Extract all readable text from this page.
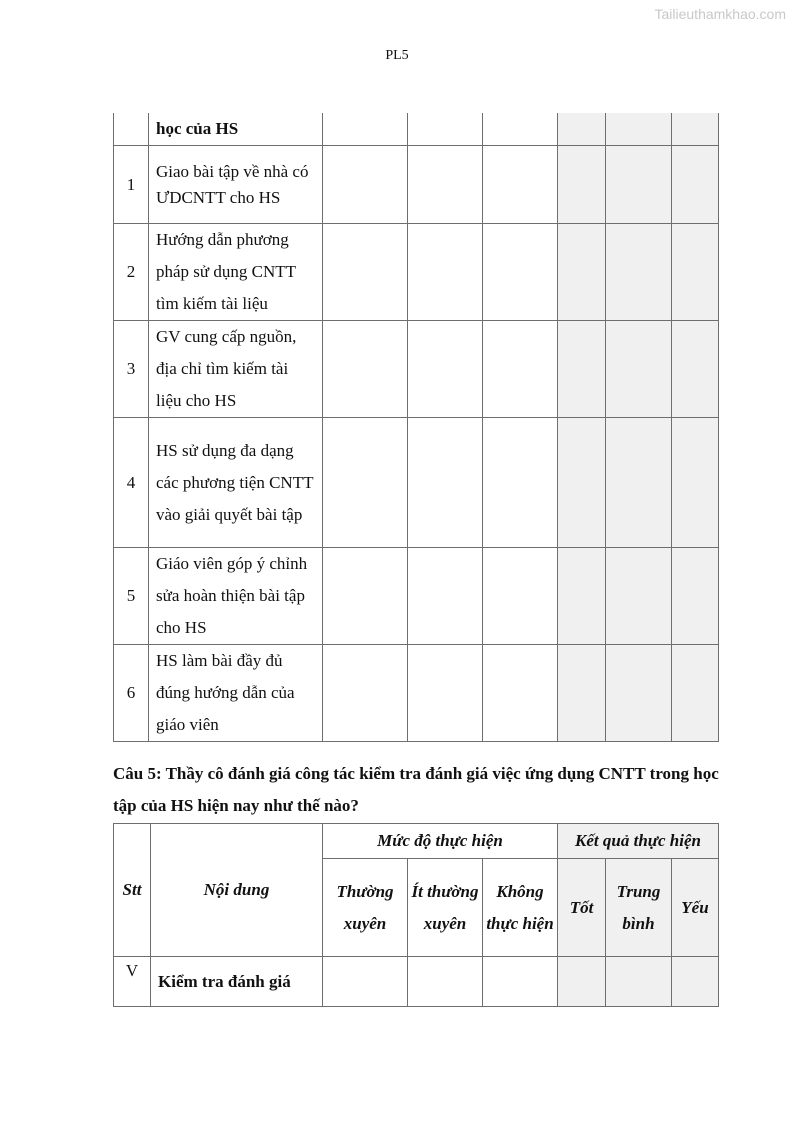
Tailieuthamkhao.com
PL5
	học của HS						
1	Giao bài tập về nhà có ƯDCNTT cho HS						
2	Hướng dẫn phương pháp sử dụng CNTT tìm kiếm tài liệu						
3	GV cung cấp nguồn, địa chỉ tìm kiếm tài liệu cho HS						
4	HS sử dụng đa dạng các phương tiện CNTT vào giải quyết bài tập						
5	Giáo viên góp ý chỉnh sửa hoàn thiện bài tập cho HS						
6	HS làm bài đầy đủ đúng hướng dẫn của giáo viên						
Câu 5: Thầy cô đánh giá công tác kiểm tra đánh giá việc ứng dụng CNTT trong học tập của HS hiện nay như thế nào?
Stt	Nội dung	Mức độ thực hiện			Kết quả thực hiện		
		Thường xuyên	Ít thường xuyên	Không thực hiện	Tốt	Trung bình	Yếu
V	Kiểm tra đánh giá						
